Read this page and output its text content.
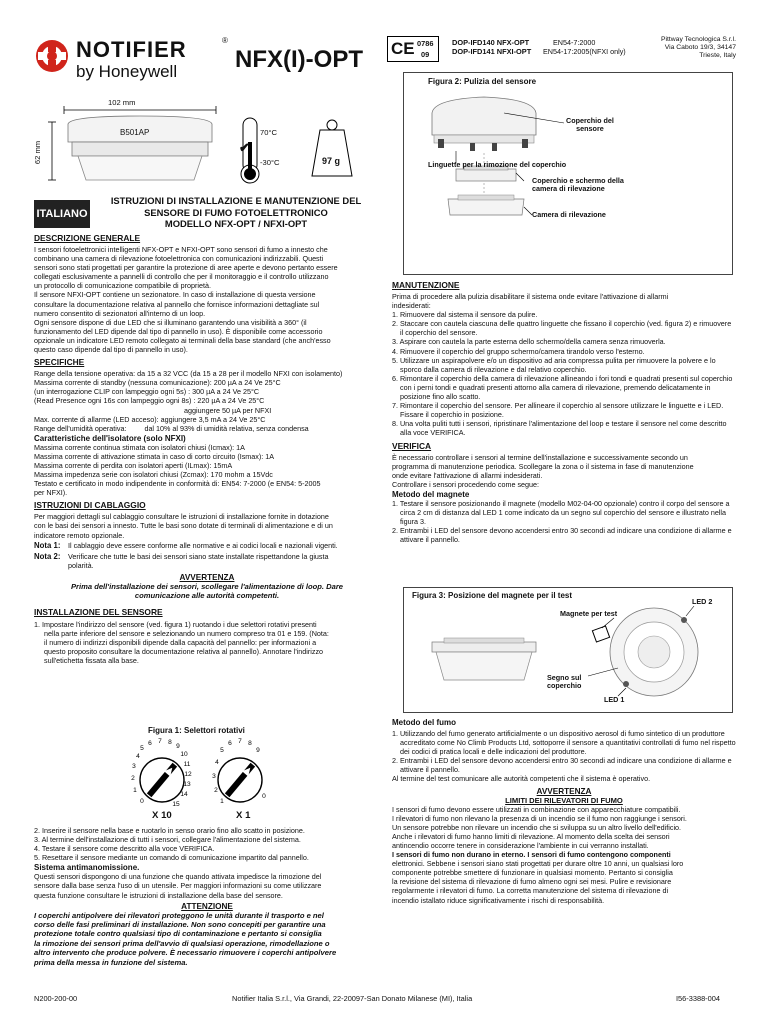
NOTIFIER	®
by Honeywell NFX(I)-OPT CE 0786
09
DOP-IFD140 NFX-OPT
DOP-IFD141 NFXI-OPT
EN54-7:2000
EN54-17:2005(NFXI only)
Pittway Tecnologica S.r.l.
Via Caboto 19/3, 34147
Trieste, Italy
102 mm
62 mm
B501AP	70°C
-30°C
✔
97 g
ITALIANO
ISTRUZIONI DI INSTALLAZIONE E MANUTENZIONE DEL
SENSORE DI FUMO FOTOELETTRONICO
MODELLO NFX-OPT / NFXI-OPT
DESCRIZIONE GENERALE
I sensori fotoelettronici intelligenti NFX-OPT e NFXI-OPT sono sensori di fumo a innesto che
combinano una camera di rilevazione fotoelettronica con comunicazioni indirizzabili. Questi
sensori sono stati progettati per garantire la protezione di aree aperte e devono pertanto essere
collegati esclusivamente a pannelli di controllo che per il monitoraggio e il controllo utilizzano
un protocollo di comunicazione compatibile di proprietà.
Il sensore NFXI-OPT contiene un sezionatore. In caso di installazione di questa versione
consultare la documentazione relativa al pannello che fornisce informazioni dettagliate sul
numero consentito di sezionatori all'interno di un loop.
Ogni sensore dispone di due LED che si illuminano garantendo una visibilità a 360° (il
funzionamento del LED dipende dal tipo di pannello in uso). È disponibile come accessorio
opzionale un indicatore LED remoto collegato ai terminali della base standard (che anch'esso
questo caso dipende dal tipo di pannello in uso).
SPECIFICHE
Range della tensione operativa: da 15 a 32 VCC (da 15 a 28 per il modello NFXI con isolamento)
Massima corrente di standby (nessuna comunicazione): 200 µA a 24 Ve 25°C
(un interrogazione CLIP con lampeggio ogni 5s) : 300 µA a 24 Ve 25°C
(Read Presence ogni 16s con lampeggio ogni 8s) : 220 µA a 24 Ve 25°C
aggiungere 50 µA per NFXI
Max. corrente di allarme (LED acceso): aggiungere 3,5 mA a 24 Ve 25°C
Range dell'umidità operativa:         dal 10% al 93% di umidità relativa, senza condensa
Caratteristiche dell'isolatore (solo NFXI)
Massima corrente continua stimata con isolatori chiusi (Icmax): 1A
Massima corrente di attivazione stimata in caso di corto circuito (Ismax): 1A
Massima corrente di perdita con isolatori aperti (ILmax): 15mA
Massima impedenza serie con isolatori chiusi (Zcmax): 170 mohm a 15Vdc
Testato e certificato in modo indipendente in conformità di: EN54: 7-2000 (e EN54: 5-2005
per NFXI).
ISTRUZIONI DI CABLAGGIO
Per maggiori dettagli sul cablaggio consultare le istruzioni di installazione fornite in dotazione
con le basi dei sensori a innesto. Tutte le basi sono dotate di terminali di alimentazione e di un
indicatore remoto opzionale.
Nota 1:	Il cablaggio deve essere conforme alle normative e ai codici locali e nazionali vigenti.
Nota 2:	Verificare che tutte le basi dei sensori siano state installate rispettandone la giusta
polarità.
AVVERTENZA
Prima dell'installazione dei sensori, scollegare l'alimentazione di loop. Dare
comunicazione alle autorità competenti.
INSTALLAZIONE DEL SENSORE
1. Impostare l'indirizzo del sensore (ved. figura 1) ruotando i due selettori rotativi presenti
nella parte inferiore del sensore e selezionando un numero compreso tra 01 e 159. (Nota:
il numero di indirizzi disponibili dipende dalla capacità del pannello: per informazioni a
questo proposito consultare la documentazione relativa al pannello). Annotare l'indirizzo
sull'etichetta fissata alla base.
Figura 1: Selettori rotativi
5
6 7 8
9
10
11
12
13
14
15
4
3
2
1
0
5
6 7 8
9
4
3
2
1
0
X 10	X 1
2. Inserire il sensore nella base e ruotarlo in senso orario fino allo scatto in posizione.
3. Al termine dell'installazione di tutti i sensori, collegare l'alimentazione del sistema.
4. Testare il sensore come descritto alla voce VERIFICA.
5. Resettare il sensore mediante un comando di comunicazione impartito dal pannello.
Sistema antimanomissione.
Questi sensori dispongono di una funzione che quando attivata impedisce la rimozione del
sensore dalla base senza l'uso di un utensile. Per maggiori informazioni su come utilizzare
questa funzione consultare le istruzioni di installazione della base del sensore.
ATTENZIONE
I coperchi antipolvere dei rilevatori proteggono le unità durante il trasporto e nel
corso delle fasi preliminari di installazione. Non sono concepiti per garantire una
protezione totale contro qualsiasi tipo di contaminazione e pertanto si consiglia
la rimozione dei sensori prima dell'avvio di qualsiasi operazione, rimodellazione o
altro intervento che produce polvere. È necessario rimuovere i coperchi antipolvere
prima della messa in funzione del sistema.
Figura 2: Pulizia del sensore
Coperchio del
sensore
Linguette per la rimozione del coperchio
Coperchio e schermo della
camera di rilevazione
Camera di rilevazione
MANUTENZIONE
Prima di procedere alla pulizia disabilitare il sistema onde evitare l'attivazione di allarmi
indesiderati:
1. Rimuovere dal sistema il sensore da pulire.
2. Staccare con cautela ciascuna delle quattro linguette che fissano il coperchio (ved. figura 2) e rimuovere il coperchio del sensore.
3. Aspirare con cautela la parte esterna dello schermo/della camera senza rimuoverla.
4. Rimuovere il coperchio del gruppo schermo/camera tirandolo verso l'esterno.
5. Utilizzare un aspirapolvere e/o un dispositivo ad aria compressa pulita per rimuovere la polvere e lo sporco dalla camera di rilevazione e dal relativo coperchio.
6. Rimontare il coperchio della camera di rilevazione allineando i fori tondi e quadrati presenti sul coperchio con i perni tondi e quadrati presenti attorno alla camera di rilevazione, premendo delicatamente in posizione fino allo scatto.
7. Rimontare il coperchio del sensore. Per allineare il coperchio al sensore utilizzare le linguette e i LED. Fissare il coperchio in posizione.
8. Una volta puliti tutti i sensori, ripristinare l'alimentazione del loop e testare il sensore nel come descritto alla voce VERIFICA.
VERIFICA
È necessario controllare i sensori al termine dell'installazione e successivamente secondo un
programma di manutenzione periodica. Scollegare la zona o il sistema in fase di manutenzione
onde evitare l'attivazione di allarmi indesiderati.
Controllare i sensori procedendo come segue:
Metodo del magnete
1. Testare il sensore posizionando il magnete (modello M02-04-00 opzionale) contro il corpo del sensore a circa 2 cm di distanza dal LED 1 come indicato da un segno sul coperchio del sensore e illustrato nella figura 3.
2. Entrambi i LED del sensore devono accendersi entro 30 secondi ad indicare una condizione di allarme e attivare il pannello.
Figura 3: Posizione del magnete per il test
Magnete per test
Segno sul
coperchio
LED 1
LED 2
Metodo del fumo
1. Utilizzando del fumo generato artificialmente o un dispositivo aerosol di fumo sintetico di un produttore accreditato come No Climb Products Ltd, sottoporre il sensore a quantitativi controllati di fumo nel rispetto dei codici di pratica locali e delle indicazioni del produttore.
2. Entrambi i LED del sensore devono accendersi entro 30 secondi ad indicare una condizione di allarme e attivare il pannello.
Al termine del test comunicare alle autorità competenti che il sistema è operativo.
AVVERTENZA
LIMITI DEI RILEVATORI DI FUMO
I sensori di fumo devono essere utilizzati in combinazione con apparecchiature compatibili.
I rilevatori di fumo non rilevano la presenza di un incendio se il fumo non raggiunge i sensori.
Un sensore potrebbe non rilevare un incendio che si sviluppa su un altro livello dell'edificio.
Anche i rilevatori di fumo hanno limiti di rilevazione. Al momento della scelta dei sensori
antincendio occorre tenere in considerazione l'ambiente in cui verranno installati.
I sensori di fumo non durano in eterno. I sensori di fumo contengono componenti
elettronici. Sebbene i sensori siano stati progettati per durare oltre 10 anni, un qualsiasi loro
componente potrebbe smettere di funzionare in qualsiasi momento. Pertanto si consiglia
la revisione del sistema di rilevazione di fumo almeno ogni sei mesi. Pulire e revisionare
regolarmente i rilevatori di fumo. La corretta manutenzione del sistema di rilevazione di
incendio istallato riduce significativamente i rischi di responsabilità.
N200-200-00	Notifier Italia S.r.l., Via Grandi, 22-20097-San Donato Milanese (MI), Italia	I56-3388-004
